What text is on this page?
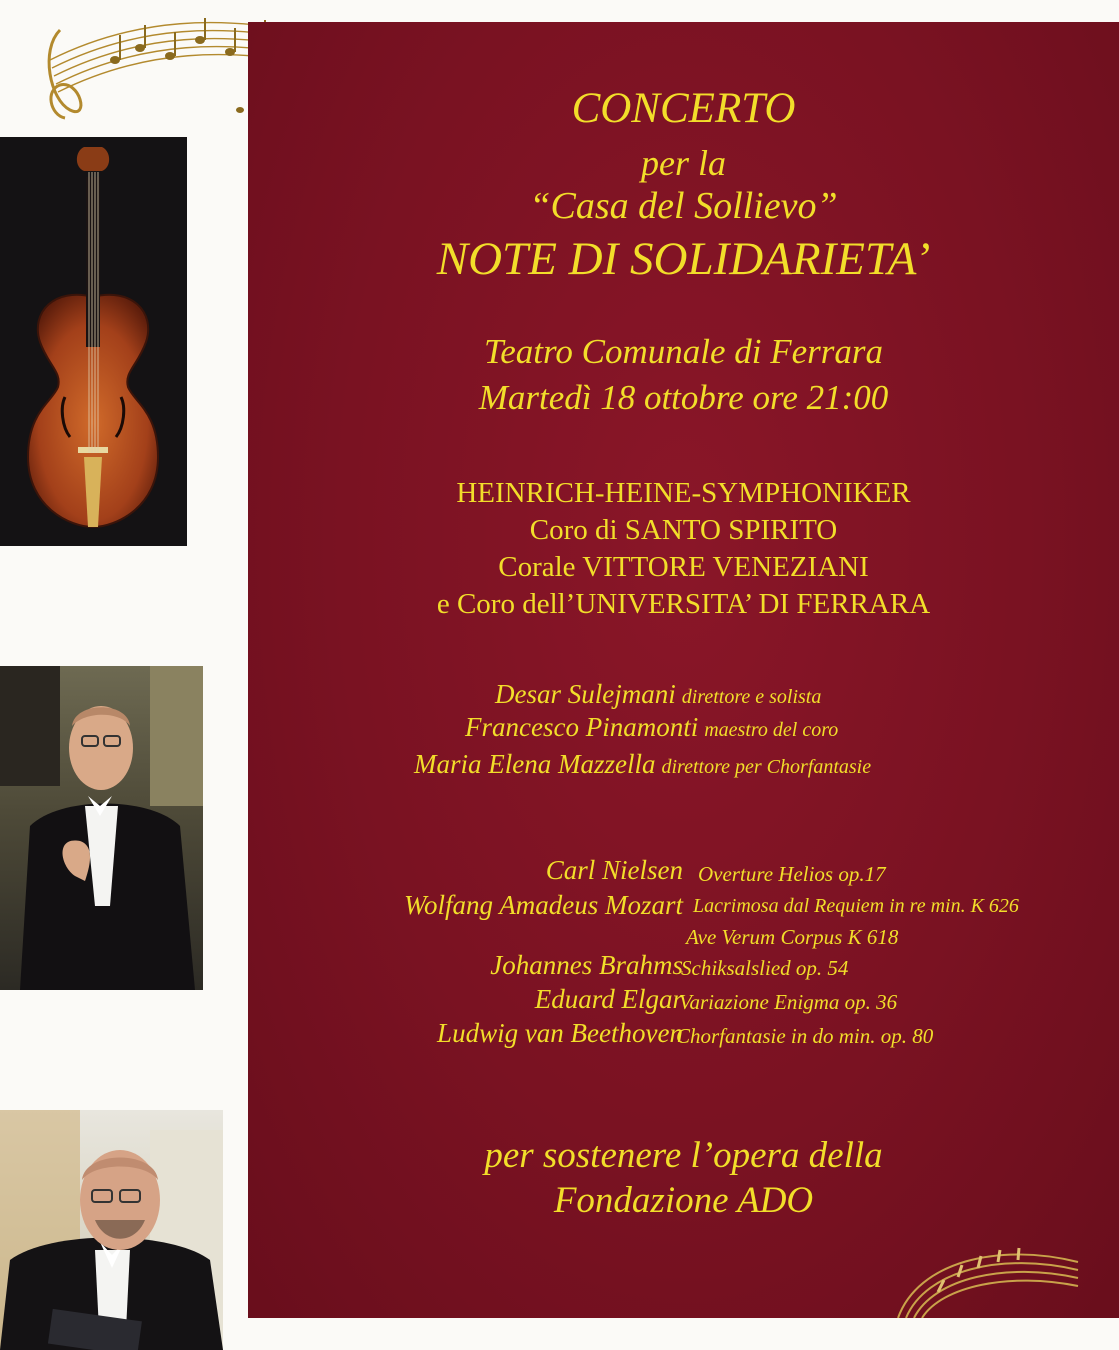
CONCERTO
per la
“Casa del Sollievo”
NOTE DI SOLIDARIETA’
Teatro Comunale di Ferrara
Martedì 18 ottobre ore 21:00
HEINRICH-HEINE-SYMPHONIKER
Coro di SANTO SPIRITO
Corale VITTORE VENEZIANI
e Coro dell’UNIVERSITA’ DI FERRARA
Desar Sulejmani direttore e solista
Francesco Pinamonti maestro del coro
Maria Elena Mazzella direttore per Chorfantasie
Carl Nielsen
Wolfang Amadeus Mozart
Johannes Brahms
Eduard Elgar
Ludwig van Beethoven
Overture Helios op.17
Lacrimosa dal Requiem in re min. K 626
Ave Verum Corpus K 618
Schiksalslied op. 54
Variazione Enigma op. 36
Chorfantasie in do min. op. 80
per sostenere l’opera della
Fondazione ADO
